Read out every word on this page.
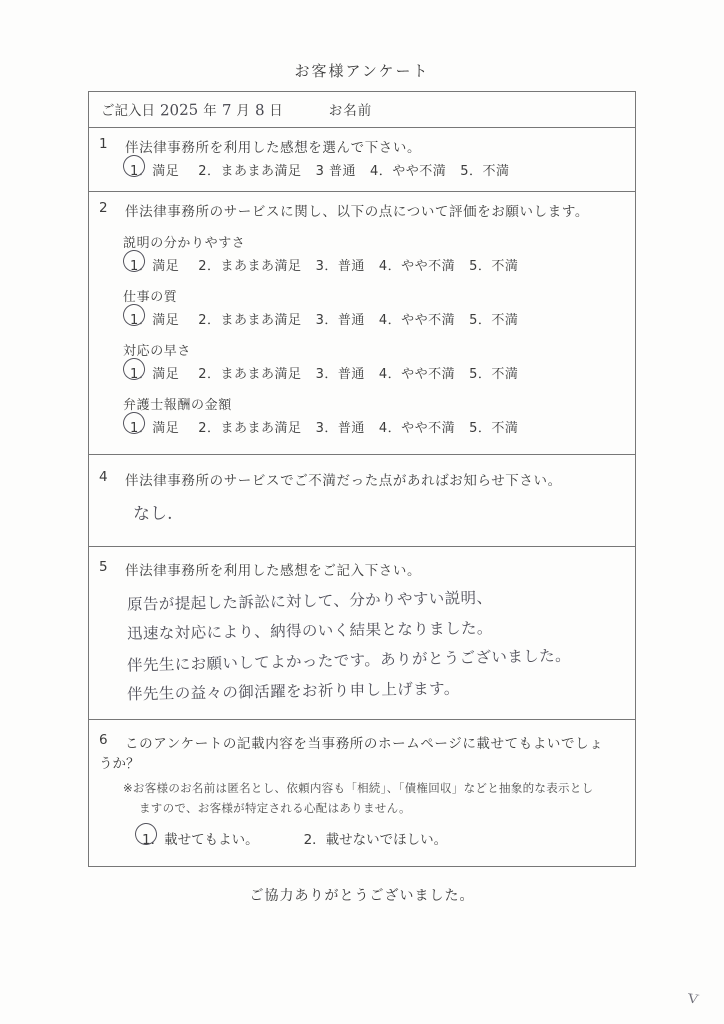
お客様アンケート
ご記入日 2025 年 7 月 8 日	お名前
1	伴法律事務所を利用した感想を選んで下さい。
1．満足 2．まあまあ満足 3 普通 4．やや不満 5．不満
2	伴法律事務所のサービスに関し、以下の点について評価をお願いします。
説明の分かりやすさ
1．満足 2．まあまあ満足 3．普通 4．やや不満 5．不満
仕事の質
1．満足 2．まあまあ満足 3．普通 4．やや不満 5．不満
対応の早さ
1．満足 2．まあまあ満足 3．普通 4．やや不満 5．不満
弁護士報酬の金額
1．満足 2．まあまあ満足 3．普通 4．やや不満 5．不満
4	伴法律事務所のサービスでご不満だった点があればお知らせ下さい。
なし.
5	伴法律事務所を利用した感想をご記入下さい。
原告が提起した訴訟に対して、分かりやすい説明、
迅速な対応により、納得のいく結果となりました。
伴先生にお願いしてよかったです。ありがとうございました。
伴先生の益々の御活躍をお祈り申し上げます。
6	このアンケートの記載内容を当事務所のホームページに載せてもよいでしょ
うか？
※お客様のお名前は匿名とし、依頼内容も「相続」、「債権回収」などと抽象的な表示とし
ますので、お客様が特定される心配はありません。
1．載せてもよい。	2．載せないでほしい。
ご協力ありがとうございました。
ｖ
